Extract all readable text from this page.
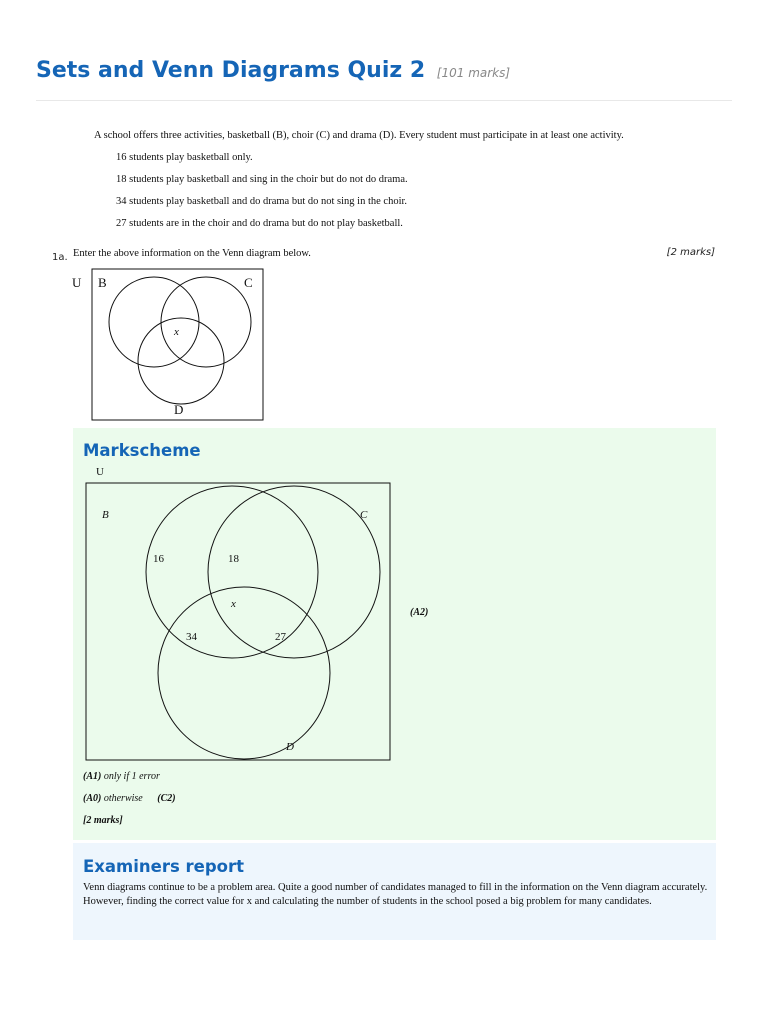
Sets and Venn Diagrams Quiz 2 [101 marks]
A school offers three activities, basketball (B), choir (C) and drama (D). Every student must participate in at least one activity.
16 students play basketball only.
18 students play basketball and sing in the choir but do not do drama.
34 students play basketball and do drama but do not sing in the choir.
27 students are in the choir and do drama but do not play basketball.
1a. Enter the above information on the Venn diagram below.	[2 marks]
U B	C
D
x
Markscheme
U
B	C
D
16	18
x
34	27
(A2)
(A1) only if 1 error
(A0) otherwise (C2)
[2 marks]
Examiners report
Venn diagrams continue to be a problem area. Quite a good number of candidates managed to fill in the information on the Venn diagram accurately. However, finding the correct value for x and calculating the number of students in the school posed a big problem for many candidates.
